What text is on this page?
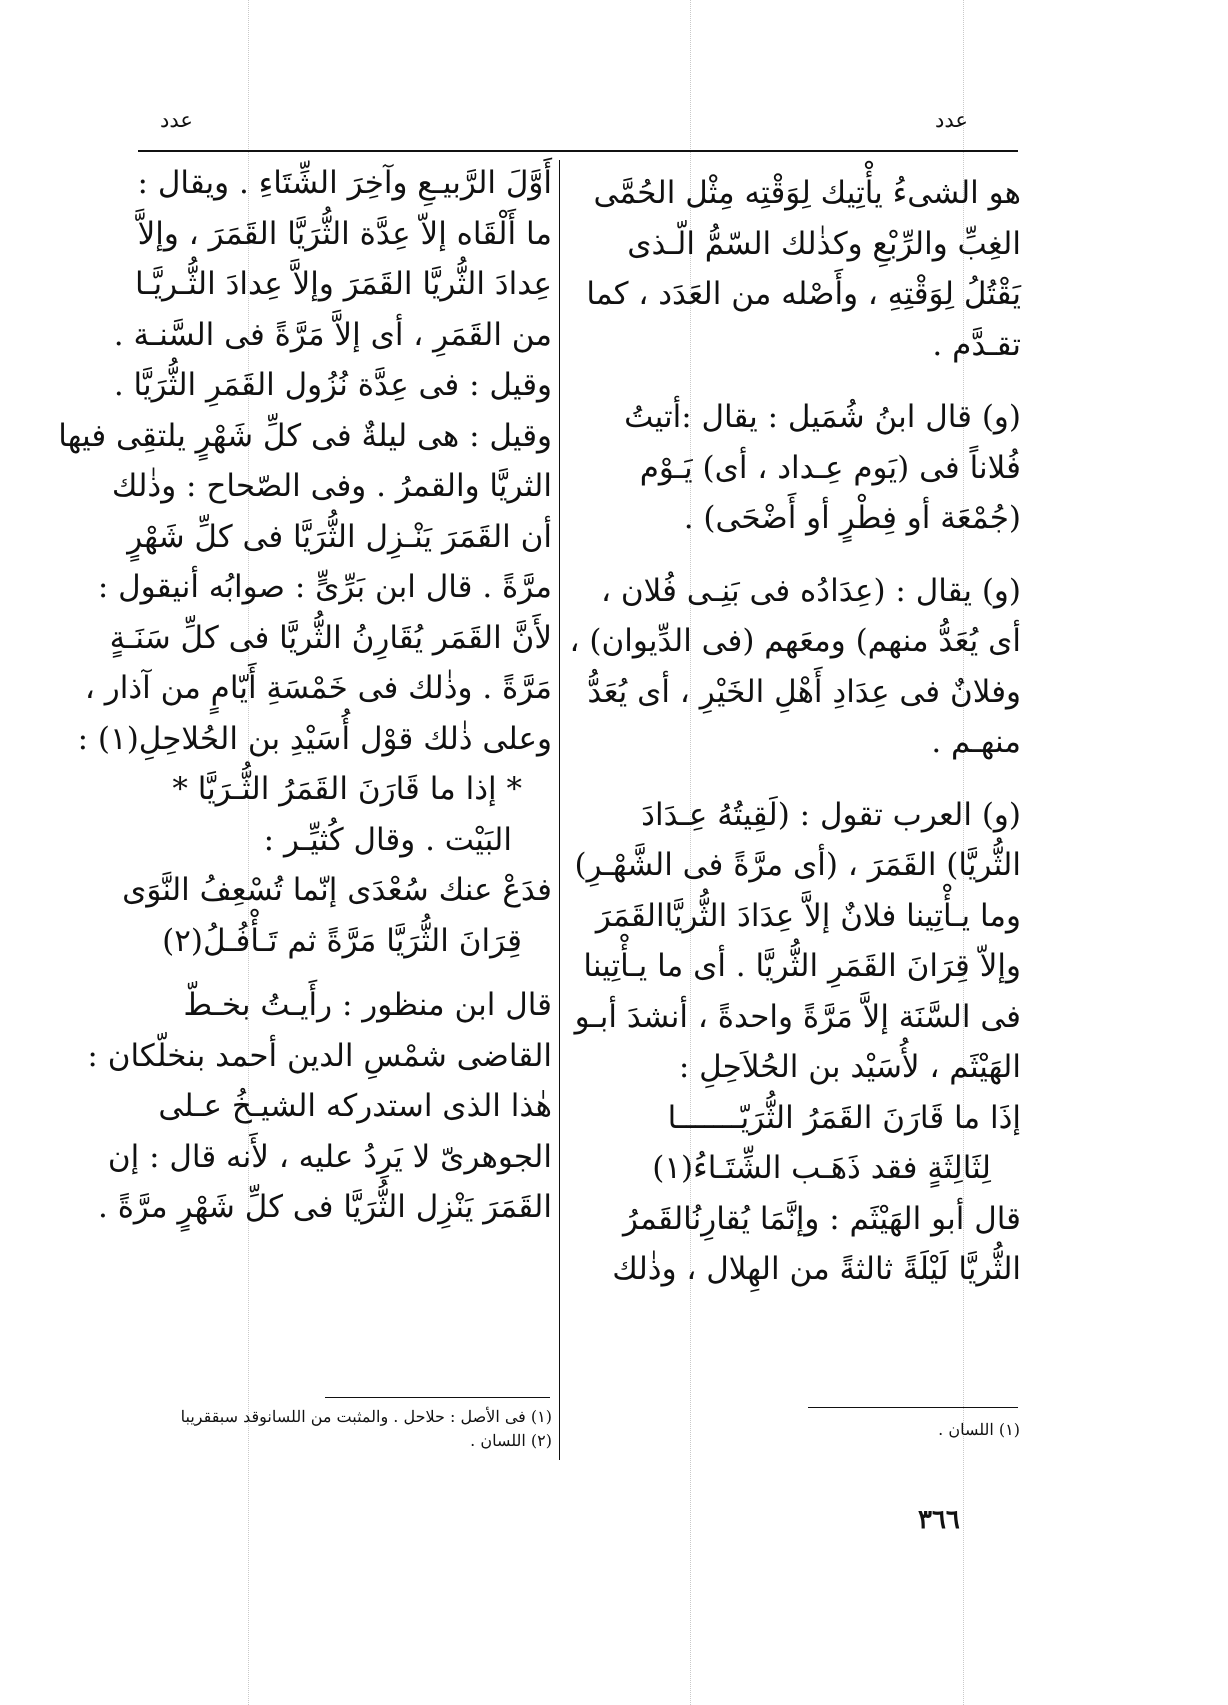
عدد	عدد
هو الشىءُ يأْتِيك لِوَقْتِه مِثْل الحُمَّى
الغِبِّ والرِّبْعِ وكذٰلك السّمُّ الّـذى
يَقْتُلُ لِوَقْتِهِ ، وأَصْله من العَدَد ، كما
تقـدَّم .
(و) قال ابنُ شُمَيل : يقال :أتيتُ
فُلاناً فى (يَوم عِـداد ، أى) يَـوْم
(جُمْعَة أو فِطْرٍ أو أَضْحَى) .
(و) يقال : (عِدَادُه فى بَنِـى فُلان ،
أى يُعَدُّ منهم) ومعَهم (فى الدِّيوان) ،
وفلانٌ فى عِدَادِ أَهْلِ الخَيْرِ ، أى يُعَدُّ
منهـم .
(و) العرب تقول : (لَقِيتُهُ عِـدَادَ
الثُّريَّا) القَمَرَ ، (أى مرَّةً فى الشَّهْـرِ)
وما يـأْتِينا فلانٌ إلاَّ عِدَادَ الثُّريَّاالقَمَرَ
وإلاّ قِرَانَ القَمَرِ الثُّريَّا . أى ما يـأْتِينا
فى السَّنَة إلاَّ مَرَّةً واحدةً ، أنشدَ أبـو
الهَيْثَم ، لأُسَيْد بن الحُلاَحِلِ :
إذَا ما قَارَنَ القَمَرُ الثُّرَيّـــــــا
لِثَالِثَةٍ فقد ذَهَـب الشِّتَـاءُ(١)
قال أبو الهَيْثَم : وإنَّمَا يُقارِنُالقَمرُ
الثُّريَّا لَيْلَةً ثالثةً من الهِلال ، وذٰلك
(١) اللسان .
٣٦٦
أَوَّلَ الرَّبيـعِ وآخِرَ الشِّتَاءِ . ويقال :
ما أَلْقَاه إلاّ عِدَّة الثُّرَيَّا القَمَرَ ، وإلاَّ
عِدادَ الثُّريَّا القَمَرَ وإلاَّ عِدادَ الثُّـريَّـا
من القَمَرِ ، أى إلاَّ مَرَّةً فى السَّنـة .
وقيل : فى عِدَّة نُزُول القَمَرِ الثُّرَيَّا .
وقيل : هى ليلةٌ فى كلِّ شَهْرٍ يلتقِى فيها
الثريَّا والقمرُ . وفى الصّحاح : وذٰلك
أن القَمَرَ يَنْـزِل الثُّرَيَّا فى كلِّ شَهْرٍ
مرَّةً . قال ابن بَرِّىٍّ : صوابُه أنيقول :
لأَنَّ القَمَر يُقَارِنُ الثُّريَّا فى كلِّ سَنَـةٍ
مَرَّةً . وذٰلك فى خَمْسَةِ أَيّامٍ من آذار ،
وعلى ذٰلك قوْل أُسَيْدِ بن الحُلاحِلِ(١) :
* إذا ما قَارَنَ القَمَرُ الثُّـرَيَّا *
البَيْت . وقال كُثيِّـر :
فدَعْ عنك سُعْدَى إنّما تُسْعِفُ النَّوَى
قِرَانَ الثُّرَيَّا مَرَّةً ثم تَـأْفُـلُ(٢)
قال ابن منظور : رأَيـتُ بخـطّ
القاضى شمْسِ الدين أحمد بنخلّكان :
هٰذا الذى استدركه الشيـخُ عـلى
الجوهرىّ لا يَرِدُ عليه ، لأَنه قال : إن
القَمَرَ يَنْزِل الثُّرَيَّا فى كلِّ شَهْرٍ مرَّةً .
(١) فى الأصل : حلاحل . والمثبت من اللسانوقد سبققريبا
(٢) اللسان .
